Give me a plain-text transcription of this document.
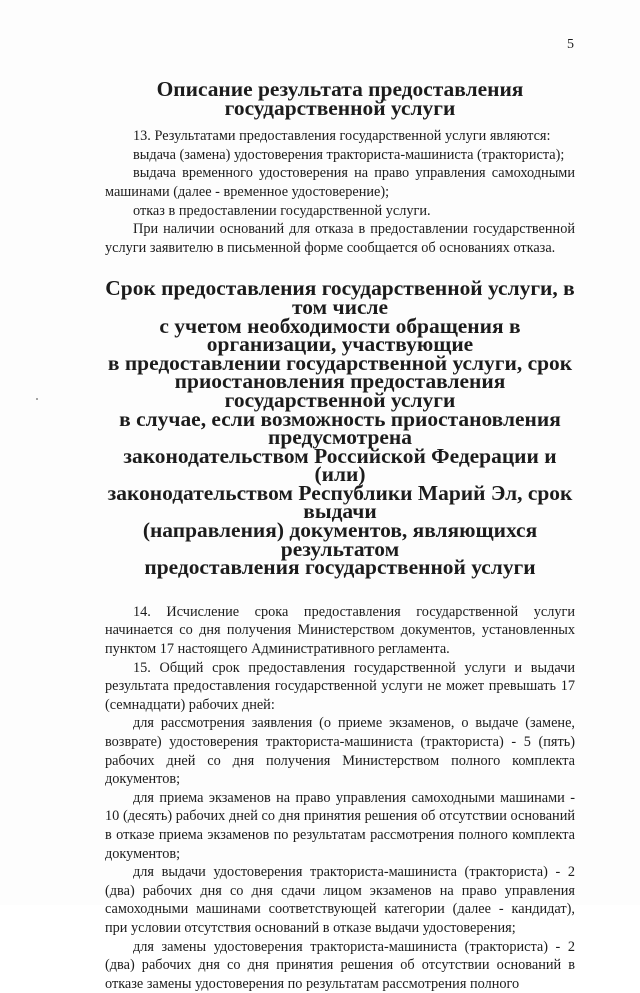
5
Описание результата предоставления
государственной услуги

13. Результатами предоставления государственной услуги являются:

выдача (замена) удостоверения тракториста-машиниста (тракториста);

выдача временного удостоверения на право управления самоходными машинами (далее - временное удостоверение);

отказ в предоставлении государственной услуги.

При наличии оснований для отказа в предоставлении государственной услуги заявителю в письменной форме сообщается об основаниях отказа.

Срок предоставления государственной услуги, в том числе
с учетом необходимости обращения в организации, участвующие
в предоставлении государственной услуги, срок
приостановления предоставления государственной услуги
в случае, если возможность приостановления предусмотрена
законодательством Российской Федерации и (или)
законодательством Республики Марий Эл, срок выдачи
(направления) документов, являющихся результатом
предоставления государственной услуги

14. Исчисление срока предоставления государственной услуги начинается со дня получения Министерством документов, установленных пунктом 17 настоящего Административного регламента.

15. Общий срок предоставления государственной услуги и выдачи результата предоставления государственной услуги не может превышать 17 (семнадцати) рабочих дней:

для рассмотрения заявления (о приеме экзаменов, о выдаче (замене, возврате) удостоверения тракториста-машиниста (тракториста) - 5 (пять) рабочих дней со дня получения Министерством полного комплекта документов;

для приема экзаменов на право управления самоходными машинами - 10 (десять) рабочих дней со дня принятия решения об отсутствии оснований в отказе приема экзаменов по результатам рассмотрения полного комплекта документов;

для выдачи удостоверения тракториста-машиниста (тракториста) - 2 (два) рабочих дня со дня сдачи лицом экзаменов на право управления самоходными машинами соответствующей категории (далее - кандидат), при условии отсутствия оснований в отказе выдачи удостоверения;

для замены удостоверения тракториста-машиниста (тракториста) - 2 (два) рабочих дня со дня принятия решения об отсутствии оснований в отказе замены удостоверения по результатам рассмотрения полного
